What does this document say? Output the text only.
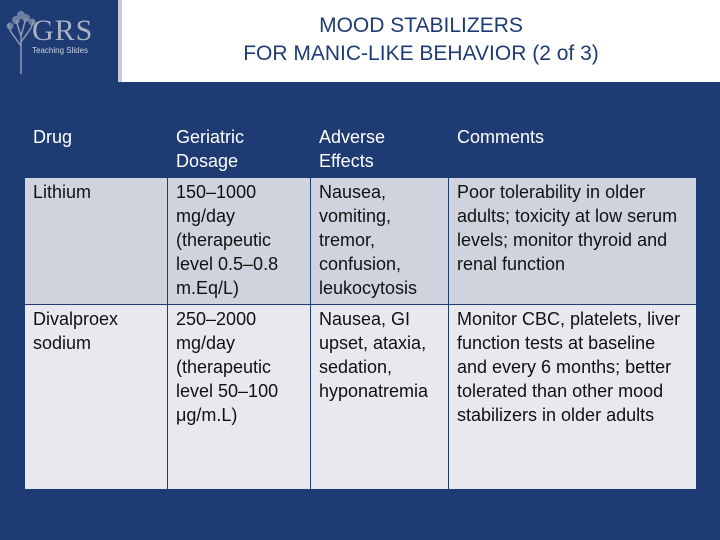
GRS
Teaching Slides
MOOD STABILIZERS
FOR MANIC-LIKE BEHAVIOR (2 of 3)
Drug	Geriatric Dosage	Adverse Effects	Comments
Lithium	150–1000 mg/day (therapeutic level 0.5–0.8 m.Eq/L)	Nausea, vomiting, tremor, confusion, leukocytosis	Poor tolerability in older adults; toxicity at low serum levels; monitor thyroid and renal function
Divalproex sodium	250–2000 mg/day (therapeutic level 50–100 μg/m.L)	Nausea, GI upset, ataxia, sedation, hyponatremia	Monitor CBC, platelets, liver function tests at baseline and every 6 months; better tolerated than other mood stabilizers in older adults
